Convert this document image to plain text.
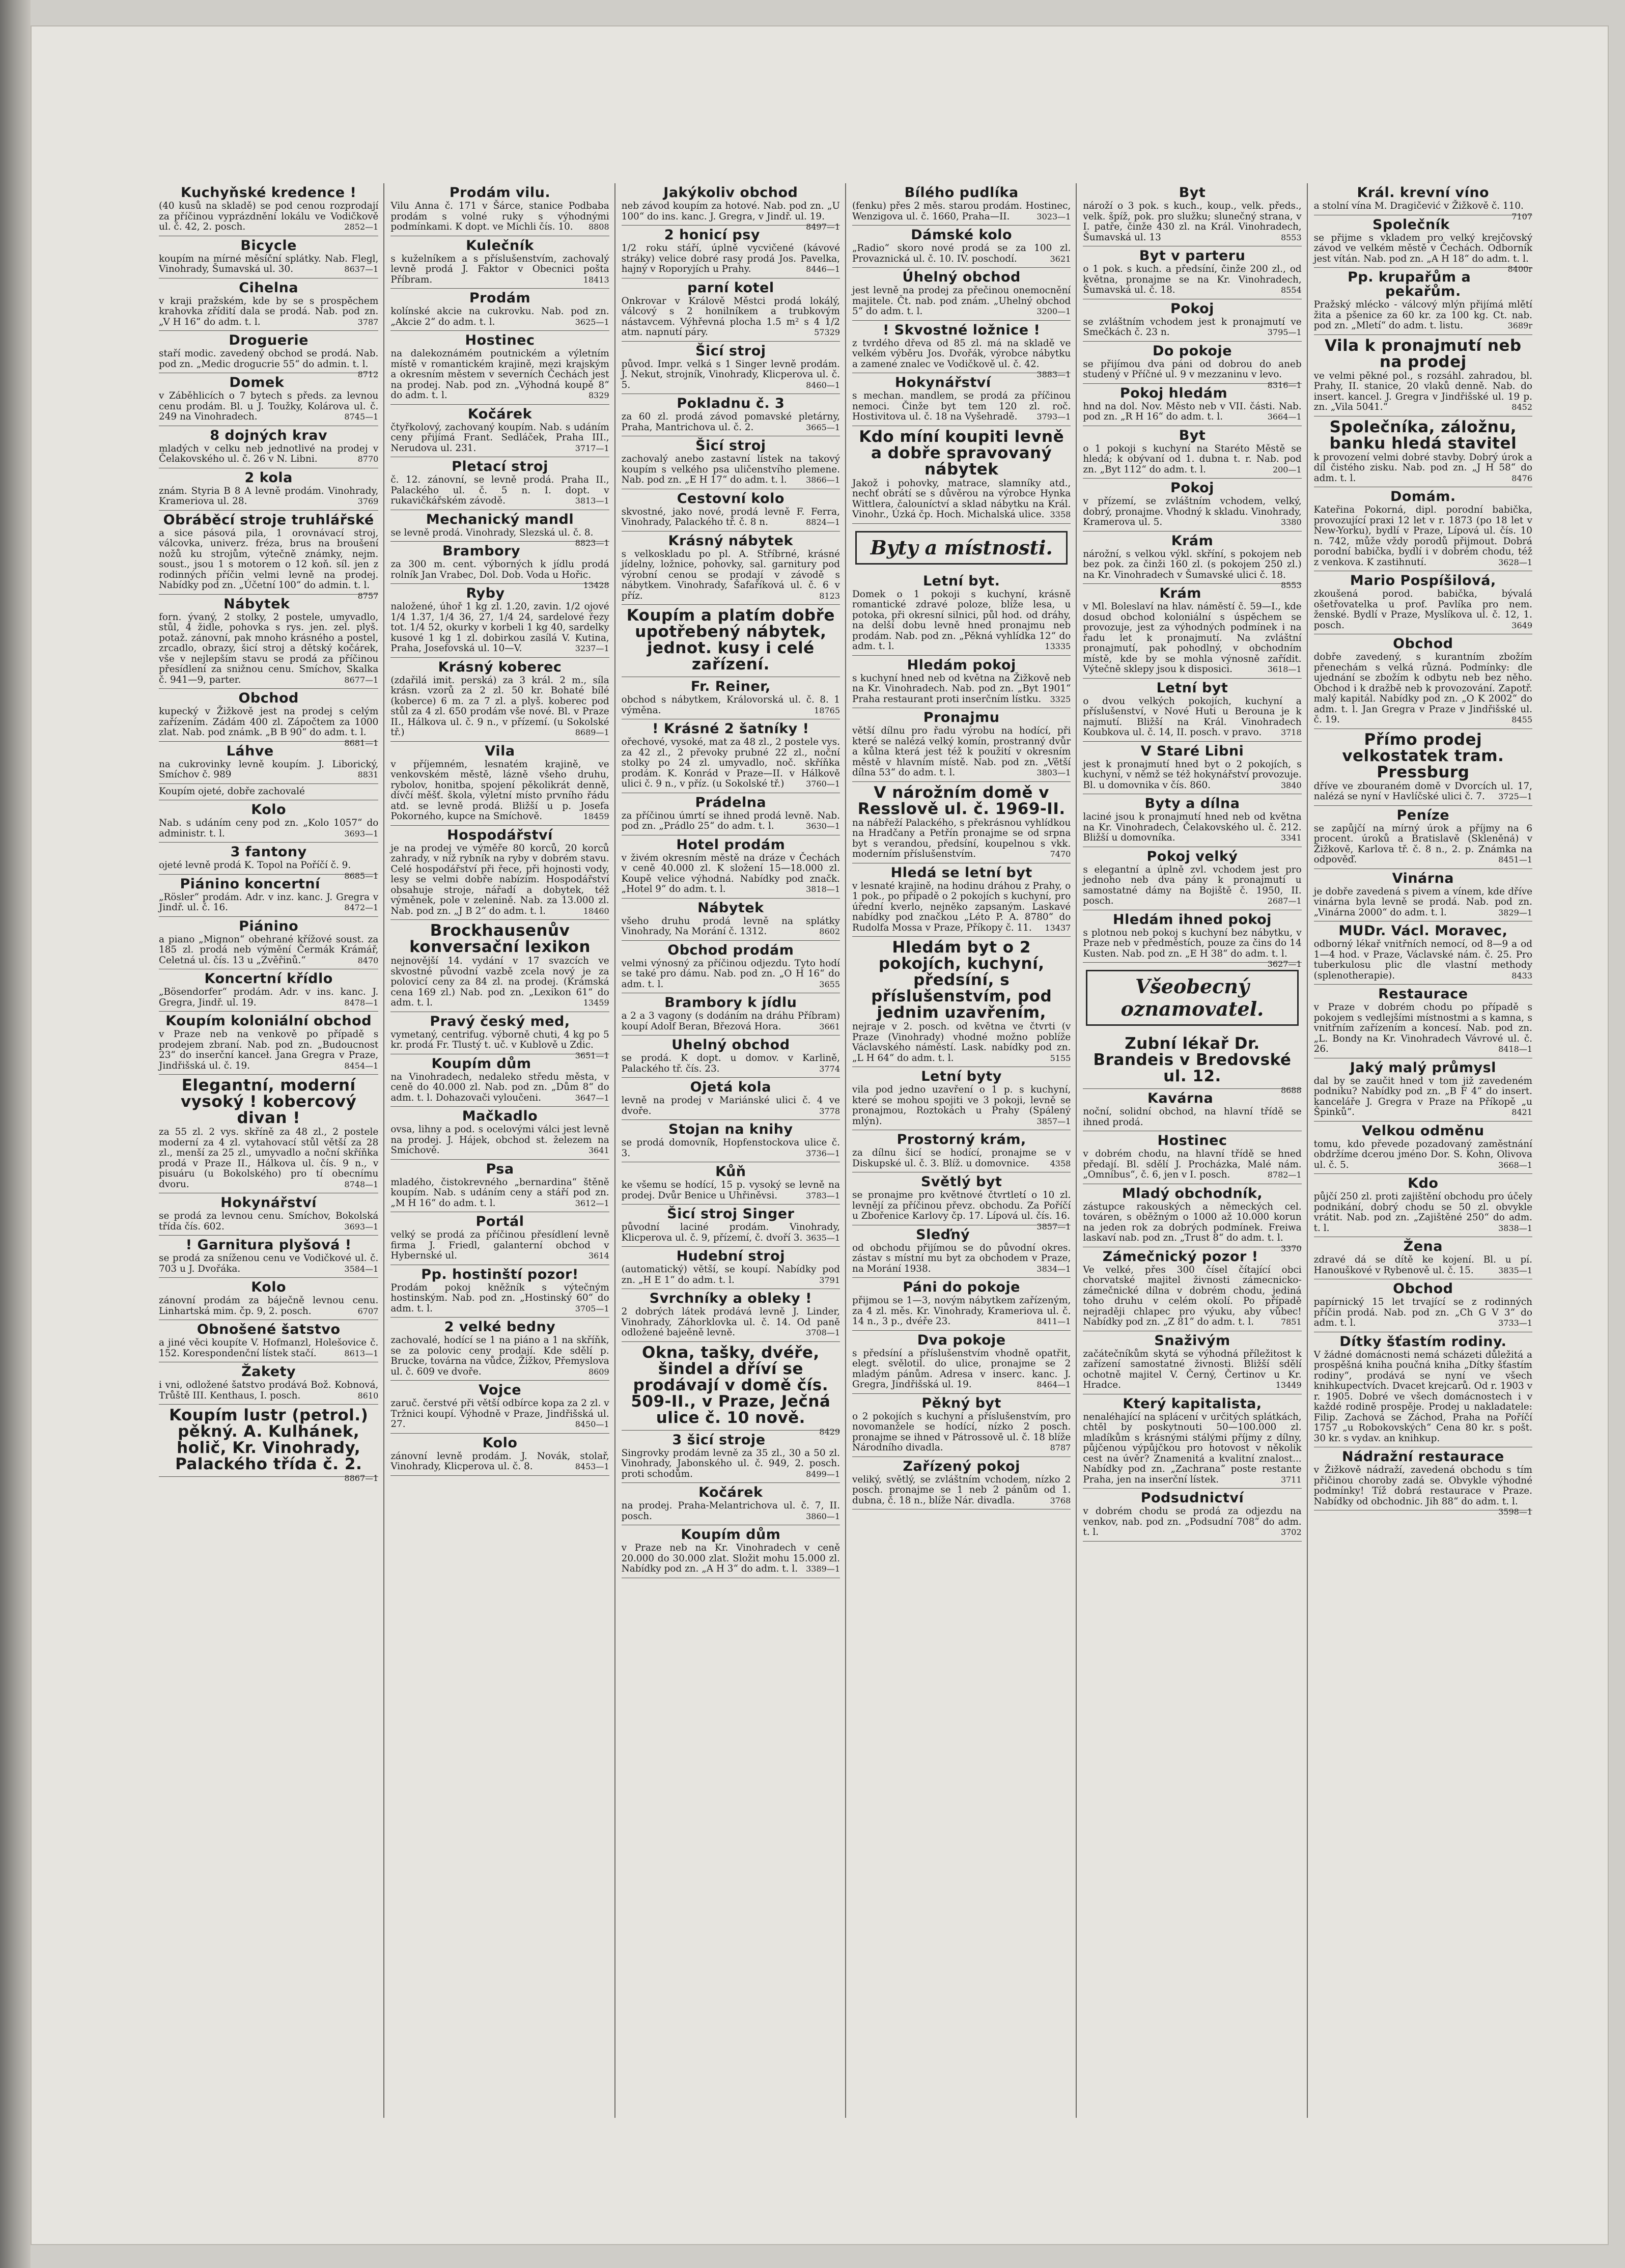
Kuchyňské kredence !

(40 kusů na skladě) se pod cenou rozprodají za příčinou vyprázdnění lokálu ve Vodičkově ul. č. 42, 2. posch.	2852—1

Bicycle

koupím na mírné měsíční splátky. Nab. Flegl, Vinohrady, Šumavská ul. 30.	8637—1

Cihelna

v kraji pražském, kde by se s prospěchem krahovka zřídití dala se prodá. Nab. pod zn. „V H 16“ do adm. t. l.	3787

Droguerie

staří modic. zavedený obchod se prodá. Nab. pod zn. „Medic drogucrie 55“ do admin. t. l.
8712

Domek

v Záběhlicích o 7 bytech s předs. za levnou cenu prodám. Bl. u J. Toužky, Kolárova ul. č. 249 na Vinohradech.	8745—1

8 dojných krav

mladých v celku neb jednotlivé na prodej v Čelakovského ul. č. 26 v N. Libni.	8770

2 kola

znám. Styria B 8 A levně prodám. Vinohrady, Krameriova ul. 28.	3769

Obráběcí stroje truhlářské

a sice pásová pila, 1 orovnávací stroj, válcovka, univerz. fréza, brus na broušení nožů ku strojům, výtečně známky, nejm. soust., jsou 1 s motorem o 12 koň. síl. jen z rodinných příčin velmi levně na prodej. Nabídky pod zn. „Účetní 100“ do admin. t. l.
8757

Nábytek

forn. ývaný, 2 stolky, 2 postele, umyvadlo, stůl, 4 židle, pohovka s rys. jen. zel. plyš. potaž. zánovní, pak mnoho krásného a postel, zrcadlo, obrazy, šicí stroj a dětský kočárek, vše v nejlepším stavu se prodá za příčinou přesídlení za snižnou cenu. Smíchov, Skalka č. 941—9, parter.	8677—1

Obchod

kupecký v Žižkově jest na prodej s celým zařízením. Zádám 400 zl. Zápočtem za 1000 zlat. Nab. pod známk. „B B 90“ do adm. t. l.
8681—1

Láhve

na cukrovinky levně koupím. J. Liborický, Smíchov č. 989	8831

Koupím ojeté, dobře zachovalé

Kolo

Nab. s udáním ceny pod zn. „Kolo 1057“ do administr. t. l.	3693—1

3 fantony

ojeté levně prodá K. Topol na Poříčí č. 9.
8685—1

Piánino koncertní

„Rösler“ prodám. Adr. v inz. kanc. J. Gregra v Jindř. ul. č. 16.	8472—1

Piánino

a piano „Mignon“ obehrané křížové soust. za 185 zl. prodá neb výmění Čermák Krámář, Celetná ul. čís. 13 u „Zvěřinů.“	8470

Koncertní křídlo

„Bösendorfer“ prodám. Adr. v ins. kanc. J. Gregra, Jindř. ul. 19.	8478—1

Koupím koloniální obchod

v Praze neb na venkově po případě s prodejem zbraní. Nab. pod zn. „Budoucnost 23“ do inserční kanceł. Jana Gregra v Praze, Jindřišská ul. č. 19.	8454—1

Elegantní, moderní vysoký ! kobercový divan !

za 55 zl. 2 vys. skříně za 48 zl., 2 postele moderní za 4 zl. vytahovací stůl větší za 28 zl., menší za 25 zl., umyvadlo a noční skříňka prodá v Praze II., Hálkova ul. čís. 9 n., v pisuáru (u Bokolského) pro tí obecnímu dvoru.	8748—1

Hokynářství

se prodá za levnou cenu. Smíchov, Bokolská třída čís. 602.	3693—1

! Garnitura plyšová !

se prodá za sníženou cenu ve Vodičkové ul. č. 703 u J. Dvořáka.	3584—1

Kolo

zánovní prodám za báječně levnou cenu. Linhartská mim. čp. 9, 2. posch.	6707

Obnošené šatstvo

a jiné věci koupíte V. Hofmanzl, Holešovice č. 152. Korespondenční lístek stačí.	8613—1

Žakety

i vni, odložené šatstvo prodává Bož. Kobnová, Trůště III. Kenthaus, I. posch.	8610

Koupím lustr (petrol.) pěkný. A. Kulhánek, holič, Kr. Vinohrady, Palackého třída č. 2.

8867—1

Prodám vilu.

Vilu Anna č. 171 v Šárce, stanice Podbaba prodám s volné ruky s výhodnými podmínkami. K dopt. ve Michli čís. 10.	8808

Kulečník

s kuželníkem a s příslušenstvím, zachovalý levně prodá J. Faktor v Obecnici pošta Příbram.	18413

Prodám

kolínské akcie na cukrovku. Nab. pod zn. „Akcie 2“ do adm. t. l.	3625—1

Hostinec

na dalekoznámém poutnickém a výletním místě v romantickém krajině, mezi krajským a okresním městem v severních Čechách jest na prodej. Nab. pod zn. „Výhodná koupě 8“ do adm. t. l.	8329

Kočárek

čtyřkolový, zachovaný koupím. Nab. s udáním ceny přijímá Frant. Sedláček, Praha III., Nerudova ul. 231.	3717—1

Pletací stroj

č. 12. zánovní, se levně prodá. Praha II., Palackého ul. č. 5 n. I. dopt. v rukavičkářském závodě.	3813—1

Mechanický mandl

se levně prodá. Vinohrady, Slezská ul. č. 8.
8823—1

Brambory

za 300 m. cent. výborných k jídlu prodá rolník Jan Vrabec, Dol. Dob. Voda u Hořic.
13428

Ryby

naložené, úhoř 1 kg zl. 1.20, zavin. 1/2 ojové 1/4 1.37, 1/4 36, 27, 1/4 24, sardelové řezy tot. 1/4 52, okurky v korbeli 1 kg 40, sardelky kusové 1 kg 1 zl. dobirkou zasílá V. Kutina, Praha, Josefovská ul. 10—V.	3237—1

Krásný koberec

(zdařilá imit. perská) za 3 král. 2 m., síla krásn. vzorů za 2 zl. 50 kr. Bohaté bílé (koberce) 6 m. za 7 zl. a plyš. koberec pod stůl za 4 zl. 650 prodám vše nové. Bl. v Praze II., Hálkova ul. č. 9 n., v přízemí. (u Sokolské tř.)	8689—1

Vila

v příjemném, lesnatém krajině, ve venkovském městě, lázně všeho druhu, rybolov, honitba, spojení pěkolikrát denně, dívčí měšť. škola, výletní místo prvního řádu atd. se levně prodá. Bližší u p. Josefa Pokorného, kupce na Smíchově.	18459

Hospodářství

je na prodej ve výměře 80 korců, 20 korců zahrady, v níž rybník na ryby v dobrém stavu. Celé hospodářství při řece, při hojnosti vody, lesy se velmi dobře nabízím. Hospodářství obsahuje stroje, nářadí a dobytek, též výměnek, pole v zelenině. Nab. za 13.000 zl. Nab. pod zn. „J B 2“ do adm. t. l.	18460

Brockhausenův konversační lexikon

nejnovější 14. vydání v 17 svazcích ve skvostné původní vazbě zcela nový je za polovicí ceny za 84 zl. na prodej. (Krámská cena 169 zl.) Nab. pod zn. „Lexikon 61“ do adm. t. l.	13459

Pravý český med,

vymetaný, centrifug. výborně chuti, 4 kg po 5 kr. prodá Fr. Tlustý t. uč. v Kublově u Zdic.
3651—1

Koupím dům

na Vinohradech, nedaleko středu města, v ceně do 40.000 zl. Nab. pod zn. „Dům 8“ do adm. t. l. Dohazovači vyloučeni.	3647—1

Mačkadlo

ovsa, lihny a pod. s ocelovými válci jest levně na prodej. J. Hájek, obchod st. železem na Smíchově.	3641

Psa

mladého, čistokrevného „bernardina“ štěně koupím. Nab. s udáním ceny a stáří pod zn. „M H 16“ do adm. t. l.	3612—1

Portál

velký se prodá za příčinou přesídlení levně firma J. Friedl, galanterní obchod v Hybernské ul.	3614

Pp. hostinští pozor!

Prodám pokoj kněžník s výtečným hostinským. Nab. pod zn. „Hostinský 60“ do adm. t. l.	3705—1

2 velké bedny

zachovalé, hodící se 1 na piáno a 1 na skříňk, se za polovic ceny prodají. Kde sdělí p. Brucke, továrna na vůdce, Žižkov, Přemyslova ul. č. 609 ve dvoře.	8609

Vojce

zaruč. čerstvé při větší odbírce kopa za 2 zl. v Tržnici koupí. Výhodně v Praze, Jindřišská ul. 27.	8450—1

Kolo

zánovní levně prodám. J. Novák, stolař, Vinohrady, Klicperova ul. č. 8.	8453—1

Jakýkoliv obchod

neb závod koupím za hotové. Nab. pod zn. „U 100“ do ins. kanc. J. Gregra, v Jindř. ul. 19.
8497—1

2 honicí psy

1/2 roku stáří, úplně vycvičené (kávové stráky) velice dobré rasy prodá Jos. Pavelka, hajný v Roporyjích u Prahy.	8446—1

parní kotel

Onkrovar v Králově Městci prodá lokálý, válcový s 2 honilníkem a trubkovým nástavcem. Výhřevná plocha 1.5 m² s 4 1/2 atm. napnutí páry.	57329

Šicí stroj

původ. Impr. velká s 1 Singer levně prodám. J. Nekut, strojník, Vinohrady, Klicperova ul. č. 5.	8460—1

Pokladnu č. 3

za 60 zl. prodá závod pomavské pletárny, Praha, Mantrichova ul. č. 2.	3665—1

Šicí stroj

zachovalý anebo zastavní lístek na takový koupím s velkého psa uličenstvího plemene. Nab. pod zn. „E H 17“ do adm. t. l.	3866—1

Cestovní kolo

skvostné, jako nové, prodá levně F. Ferra, Vinohrady, Palackého tř. č. 8 n.	8824—1

Krásný nábytek

s velkoskladu po pl. A. Stříbrné, krásné jídelny, ložnice, pohovky, sal. garnitury pod výrobní cenou se prodají v závodě s nábytkem. Vinohrady, Šafaříková ul. č. 6 v příz.	8123

Koupím a platím dobře upotřebený nábytek, jednot. kusy i celé zařízení.

Fr. Reiner,

obchod s nábytkem, Královorská ul. č. 8. 1 výměna.	18765

! Krásné 2 šatníky !

ořechové, vysoké, mat za 48 zl., 2 postele vys. za 42 zl., 2 převoky prubné 22 zl., noční stolky po 24 zl. umyvadlo, noč. skříňka prodám. K. Konrád v Praze—II. v Hálkově ulici č. 9 n., v příz. (u Sokolské tř.)	3760—1

Prádelna

za příčinou úmrtí se ihned prodá levně. Nab. pod zn. „Prádlo 25“ do adm. t. l.	3630—1

Hotel prodám

v živém okresním městě na dráze v Čechách v ceně 40.000 zl. K složení 15—18.000 zl. Koupě velice výhodná. Nabídky pod značk. „Hotel 9“ do adm. t. l.	3818—1

Nábytek

všeho druhu prodá levně na splátky Vinohrady, Na Morání č. 1312.	8602

Obchod prodám

velmi výnosný za příčinou odjezdu. Tyto hodí se také pro dámu. Nab. pod zn. „O H 16“ do adm. t. l.	3655

Brambory k jídlu

a 2 a 3 vagony (s dodáním na dráhu Příbram) koupí Adolf Beran, Březová Hora.	3661

Uhelný obchod

se prodá. K dopt. u domov. v Karlině, Palackého tř. čís. 23.	3774

Ojetá kola

levně na prodej v Mariánské ulici č. 4 ve dvoře.	3778

Stojan na knihy

se prodá domovník, Hopfenstockova ulice č. 3.	3736—1

Kůň

ke všemu se hodící, 15 p. vysoký se levně na prodej. Dvůr Benice u Uhřiněvsi.	3783—1

Šicí stroj Singer

původní laciné prodám. Vinohrady, Klicperova ul. č. 9, přízemí, č. dvoří 3. 3635—1

Hudební stroj

(automatický) větší, se koupí. Nabídky pod zn. „H E 1“ do adm. t. l.	3791

Svrchníky a obleky !

2 dobrých látek prodává levně J. Linder, Vinohrady, Záhorklovka ul. č. 14. Od paně odložené bajeěně levně.	3708—1

Okna, tašky, dvéře, šindel a dříví se prodávají v domě čís. 509-II., v Praze, Ječná ulice č. 10 nově.

8429

3 šicí stroje

Singrovky prodám levně za 35 zl., 30 a 50 zl. Vinohrady, Jabonského ul. č. 949, 2. posch. proti schodům.	8499—1

Kočárek

na prodej. Praha-Melantrichova ul. č. 7, II. posch.	3860—1

Koupím dům

v Praze neb na Kr. Vinohradech v ceně 20.000 do 30.000 zlat. Složit mohu 15.000 zl. Nabídky pod zn. „A H 3“ do adm. t. l.	3389—1

Bílého pudlíka

(fenku) přes 2 měs. starou prodám. Hostinec, Wenzigova ul. č. 1660, Praha—II.	3023—1

Dámské kolo

„Radio“ skoro nové prodá se za 100 zl. Provaznická ul. č. 10. IV. poschodí.	3621

Úhelný obchod

jest levně na prodej za přečinou onemocnění majitele. Čt. nab. pod znám. „Uhelný obchod 5“ do adm. t. l.	3200—1

! Skvostné ložnice !

z tvrdého dřeva od 85 zl. má na skladě ve velkém výběru Jos. Dvořák, výrobce nábytku a zamené znalec ve Vodičkově ul. č. 42.
3883—1

Hokynářství

s mechan. mandlem, se prodá za příčinou nemoci. Činže byt tem 120 zl. roč. Hostivitova ul. č. 18 na Vyšehradě.	3793—1

Kdo míní koupiti levně a dobře spravovaný nábytek

Jakož i pohovky, matrace, slamníky atd., nechť obrátí se s důvěrou na výrobce Hynka Wittlera, čalouníctví a sklad nábytku na Král. Vinohr., Úzká čp. Hoch. Michalská ulice. 3358

Byty a místnosti.
Letní byt.

Domek o 1 pokoji s kuchyní, krásně romantické zdravé poloze, blíže lesa, u potoka, při okresní silnici, půl hod. od dráhy, na delší dobu levně hned pronajmu neb prodám. Nab. pod zn. „Pěkná vyhlídka 12“ do adm. t. l.	13335

Hledám pokoj

s kuchyní hned neb od května na Žižkově neb na Kr. Vinohradech. Nab. pod zn. „Byt 1901“ Praha restaurant proti inserčním lístku.	3325

Pronajmu

větší dílnu pro řadu výrobu na hodící, při které se nalézá velký komín, prostranný dvůr a kůlna která jest též k použití v okresním městě v hlavním místě. Nab. pod zn. „Větší dílna 53“ do adm. t. l.	3803—1

V nárožním domě v Resslově ul. č. 1969-II.

na nábřeží Palackého, s překrásnou vyhlídkou na Hradčany a Petřín pronajme se od srpna byt s verandou, předsíní, koupelnou s vkk. moderním příslušenstvím.	7470

Hledá se letní byt

v lesnaté krajině, na hodinu dráhou z Prahy, o 1 pok., po případě o 2 pokojích s kuchyní, pro úřední kverlo, nejněko zapsaným. Laskavé nabídky pod značkou „Léto P. A. 8780“ do Rudolfa Mossa v Praze, Příkopy č. 11.	13437

Hledám byt o 2 pokojích, kuchyní, předsíní, s příslušenstvím, pod jednim uzavřením,

nejraje v 2. posch. od května ve čtvrti (v Praze (Vinohrady) vhodné možno poblíže Václavského náměstí. Lask. nabídky pod zn. „L H 64“ do adm. t. l.	5155

Letní byty

vila pod jedno uzavření o 1 p. s kuchyní, které se mohou spojiti ve 3 pokoji, levně se pronajmou, Roztokách u Prahy (Spálený mlýn).	3857—1

Prostorný krám,

za dílnu šicí se hodící, pronajme se v Diskupské ul. č. 3. Blíž. u domovnice.	4358

Světlý byt

se pronajme pro květnové čtvrtletí o 10 zl. levnějí za příčinou převz. obchodu. Za Poříčí u Zbořenice Karlovy čp. 17. Lípová ul. čís. 16.
3857—1

Sleďný

od obchodu přijímou se do původní okres. zástav s místní mu byt za obchodem v Praze, na Morání 1938.	3834—1

Páni do pokoje

přijmou se 1—3, novým nábytkem zařízeným, za 4 zl. měs. Kr. Vinohrady, Krameriova ul. č. 14 n., 3 p., dvéře 23.	8411—1

Dva pokoje

s předsíní a příslušenstvím vhodně opatřit, elegt. svělotil. do ulice, pronajme se 2 mladým pánům. Adresa v inserc. kanc. J. Gregra, Jindřišská ul. 19.	8464—1

Pěkný byt

o 2 pokojích s kuchyní a příslušenstvím, pro novomanžele se hodící, nízko 2 posch. pronajme se ihned v Pátrossově ul. č. 18 blíže Národního divadla.	8787

Zařízený pokoj

veliký, světlý, se zvláštním vchodem, nízko 2 posch. pronajme se 1 neb 2 pánům od 1. dubna, č. 18 n., blíže Nár. divadla.	3768

Byt

nároží o 3 pok. s kuch., koup., velk. předs., velk. špíž, pok. pro služku; slunečný strana, v I. patře, činže 430 zl. na Král. Vinohradech, Šumavská ul. 13	8553

Byt v parteru

o 1 pok. s kuch. a předsíní, činže 200 zl., od května, pronajme se na Kr. Vinohradech, Šumavská ul. č. 18.	8554

Pokoj

se zvláštním vchodem jest k pronajmutí ve Smečkách č. 23 n.	3795—1

Do pokoje

se přijímou dva páni od dobrou do aneb studený v Příčné ul. 9 v mezzaninu v levo.
8316—1

Pokoj hledám

hnd na dol. Nov. Město neb v VII. části. Nab. pod zn. „R H 16“ do adm. t. l.	3664—1

Byt

o 1 pokoji s kuchyní na Staréto Městě se hledá; k obývaní od 1. dubna t. r. Nab. pod zn. „Byt 112“ do adm. t. l.	200—1

Pokoj

v přízemí, se zvláštním vchodem, velký, dobrý, pronajme. Vhodný k skladu. Vinohrady, Kramerova ul. 5.	3380

Krám

nárožní, s velkou výkl. skříní, s pokojem neb bez pok. za činži 160 zl. (s pokojem 250 zl.) na Kr. Vinohradech v Šumavské ulici č. 18.
8553

Krám

v Ml. Boleslaví na hlav. náměstí č. 59—I., kde dosud obchod koloniální s úspěchem se provozuje, jest za výhodných podmínek i na řadu let k pronajmutí. Na zvláštní pronajmutí, pak pohodlný, v obchodním místě, kde by se mohla výnosně zařídit. Výtečně sklepy jsou k disposici.	3618—1

Letní byt

o dvou velkých pokojích, kuchyní a příslušenství, v Nové Huti u Berouna je k najmutí. Bližší na Král. Vinohradech Koubkova ul. č. 14, II. posch. v pravo.	3718

V Staré Libni

jest k pronajmutí hned byt o 2 pokojích, s kuchyní, v němž se též hokynářství provozuje. Bl. u domovnika v čís. 860.	3840

Byty a dílna

laciné jsou k pronajmutí hned neb od května na Kr. Vinohradech, Čelakovského ul. č. 212. Bližší u domovníka.	3341

Pokoj velký

s elegantní a úplně zvl. vchodem jest pro jednoho neb dva pány k pronajmutí u samostatné dámy na Bojiště č. 1950, II. posch.	2687—1

Hledám ihned pokoj

s plotnou neb pokoj s kuchyní bez nábytku, v Praze neb v předměstích, pouze za čins do 14 Kusten. Nab. pod zn. „E H 38“ do adm. t. l.
3627—1

Všeobecný oznamovatel.
Zubní lékař Dr. Brandeis v Bredovské ul. 12.

8688

Kavárna

noční, solidní obchod, na hlavní třídě se ihned prodá.

Hostinec

v dobrém chodu, na hlavní třídě se hned předají. Bl. sdělí J. Procházka, Malé nám. „Omníbus“, č. 6, jen v I. posch.	8782—1

Mladý obchodník,

zástupce rakouských a německých cel. továren, s oběžným o 1000 až 10.000 korun na jeden rok za dobrých podmínek. Freiwa laskaví nab. pod zn. „Trust 8“ do adm. t. l.
3370

Zámečnický pozor !

Ve velké, přes 300 čísel čítající obci chorvatské majitel živnosti zámecnicko-zámečnické dílna v dobrém chodu, jediná toho druhu v celém okolí. Po případě nejraději chlapec pro výuku, aby vůbec! Nabídky pod zn. „Z 81“ do adm. t. l.	7851

Snaživým

začátečníkům skytá se výhodná příležitost k zařízení samostatné živnosti. Bližší sdělí ochotně majitel V. Černý, Čertinov u Kr. Hradce.	13449

Který kapitalista,

nenaléhající na splácení v určitých splátkách, chtěl by poskytnouti 50—100.000 zl. mladíkům s krásnými stálými příjmy z dílny, půjčenou výpůjčkou pro hotovost v několik cest na úvěr? Znamenitá a kvalitní znalost... Nabídky pod zn. „Zachrana“ poste restante Praha, jen na inserční lístek.	3711

Podsudnictví

v dobrém chodu se prodá za odjezdu na venkov, nab. pod zn. „Podsudní 708“ do adm. t. l.	3702

Král. krevní víno

a stolní vína M. Dragičević v Žižkově č. 110.
7107

Společník

se přijme s vkladem pro velký krejčovský závod ve velkém městě v Čechách. Odborník jest vítán. Nab. pod zn. „A H 18“ do adm. t. l.
8400r

Pp. krupařům a pekařům.

Pražský mlécko - válcový mlýn přijímá mlětí žita a pšenice za 60 kr. za 100 kg. Ct. nab. pod zn. „Mletí“ do adm. t. listu.	3689r

Vila k pronajmutí neb na prodej

ve velmi pěkné pol., s rozsáhl. zahradou, bl. Prahy, II. stanice, 20 vlaků denně. Nab. do insert. kancel. J. Gregra v Jindřišské ul. 19 p. zn. „Vila 5041.“	8452

Společníka, záložnu, banku hledá stavitel

k provození velmi dobré stavby. Dobrý úrok a díl čistého zisku. Nab. pod zn. „J H 58“ do adm. t. l.	8476

Domám.

Kateřina Pokorná, dipl. porodní babička, provozující praxi 12 let v r. 1873 (po 18 let v New-Yorku), bydlí v Praze, Lípová ul. čís. 10 n. 742, může vždy porodů přijmout. Dobrá porodní babička, bydlí i v dobrém chodu, též z venkova. K zastihnutí.	3628—1

Mario Pospíšilová,

zkoušená porod. babička, bývalá ošetřovatelka u prof. Pavlíka pro nem. ženské. Bydlí v Praze, Myslíkova ul. č. 12, 1. posch.	3649

Obchod

dobře zavedený, s kurantním zbožím přenechám s velká různá. Podmínky: dle ujednání se zbožím k odbytu neb bez něho. Obchod i k dražbě neb k provozování. Zapotř. malý kapitál. Nabídky pod zn. „O K 2002“ do adm. t. l. Jan Gregra v Praze v Jindřišské ul. č. 19.	8455

Přímo prodej velkostatek tram. Pressburg

dříve ve zbouraném domě v Dvorcích ul. 17, nalézá se nyní v Havlíčské ulici č. 7.	3725—1

Peníze

se zapůjčí na mírný úrok a příjmy na 6 procent. úroků a Bratislavě (Skleněná) v Žižkově, Karlova tř. č. 8 n., 2. p. Známka na odpověď.	8451—1

Vinárna

je dobře zavedená s pivem a vínem, kde dříve vinárna byla levně se prodá. Nab. pod zn. „Vinárna 2000“ do adm. t. l.	3829—1

MUDr. Václ. Moravec,

odborný lékař vnitřních nemocí, od 8—9 a od 1—4 hod. v Praze, Václavské nám. č. 25. Pro tuberkulosu plic dle vlastní methody (splenotherapie).	8433

Restaurace

v Praze v dobrém chodu po případě s pokojem s vedlejšími místnostmi a s kamna, s vnitřním zařízením a koncesí. Nab. pod zn. „L. Bondy na Kr. Vinohradech Vávrové ul. č. 26.	8418—1

Jaký malý průmysl

dal by se zaučit hned v tom již zavedeném podniku? Nabídky pod zn. „B F 4“ do insert. kanceláře J. Gregra v Praze na Příkopě „u Špinků“.	8421

Velkou odměnu

tomu, kdo převede pozadovaný zaměstnání obdržíme dcerou jméno Dor. S. Kohn, Olivova ul. č. 5.	3668—1

Kdo

půjčí 250 zl. proti zajištění obchodu pro účely podnikání, dobrý chodu se 50 zl. obvykle vrátit. Nab. pod zn. „Zajištěné 250“ do adm. t. l.	3838—1

Žena

zdravé dá se dítě ke kojení. Bl. u pí. Hanouškové v Rybenově ul. č. 15.	3835—1

Obchod

papírnický 15 let trvající se z rodinných příčin prodá. Nab. pod zn. „Ch G V 3“ do adm. t. l.	3733—1

Dítky šťastím rodiny.

V žádné domácnosti nemá scházeti důležitá a prospěšná kniha poučná kniha „Dítky šťastím rodiny“, prodává se nyní ve všech knihkupectvích. Dvacet krejcarů. Od r. 1903 v r. 1905. Dobré ve všech domácnostech i v každé rodině prospěje. Prodej u nakladatele: Filip. Zachová se Záchod, Praha na Poříčí 1757 „u Robokovských“ Cena 80 kr. s pošt. 30 kr. s vydav. an knihkup.

Nádražní restaurace

v Žižkově nádraží, zavedená obchodu s tím přičinou choroby zadá se. Obvykle výhodné podmínky! Tíž dobrá restaurace v Praze. Nabídky od obchodnic. Jih 88“ do adm. t. l.
3598—1
